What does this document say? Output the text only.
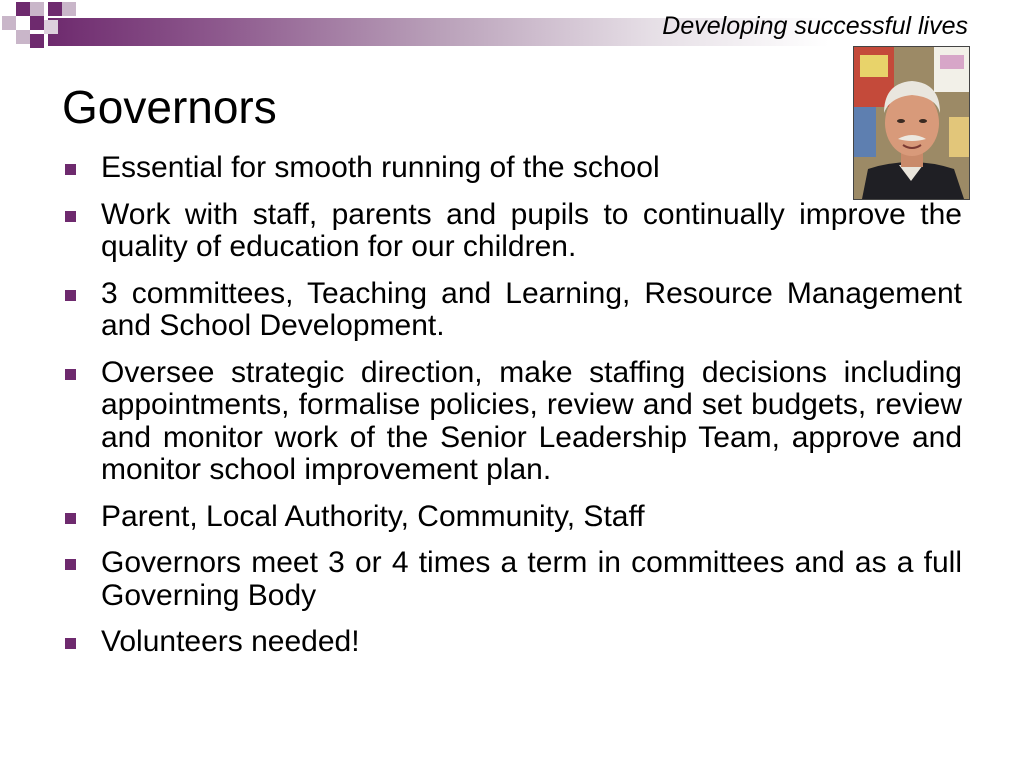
Developing successful lives
Governors
Essential for smooth running of the school
Work with staff, parents and pupils to continually improve the quality of education for our children.
3 committees, Teaching and Learning, Resource Management and School Development.
Oversee strategic direction, make staffing decisions including appointments, formalise policies, review and set budgets, review and monitor work of the Senior Leadership Team, approve and monitor school improvement plan.
Parent, Local Authority, Community, Staff
Governors meet 3 or 4 times a term in committees and as a full Governing Body
Volunteers needed!
